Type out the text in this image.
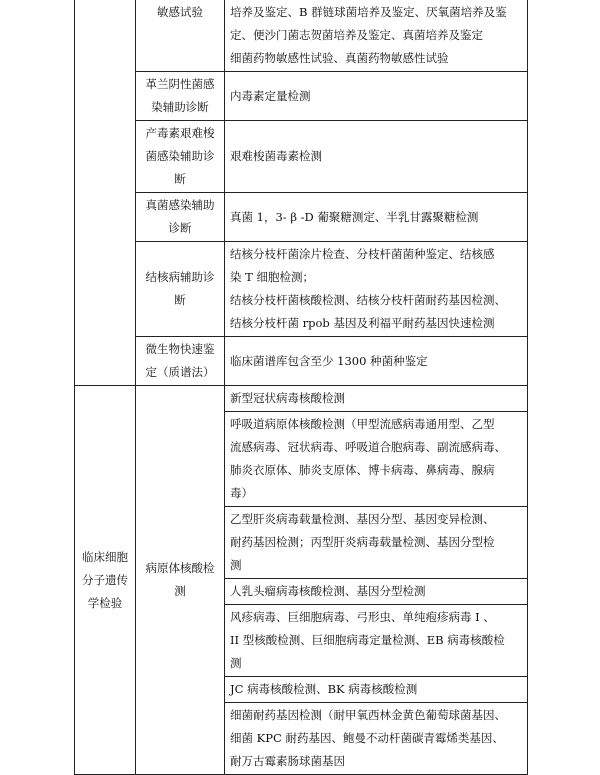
	敏感试验	培养及鉴定、B 群链球菌培养及鉴定、厌氧菌培养及鉴
定、便沙门菌志贺菌培养及鉴定、真菌培养及鉴定
细菌药物敏感性试验、真菌药物敏感性试验

	革兰阴性菌感染辅助诊断	内毒素定量检测

	产毒素艰难梭菌感染辅助诊断	艰难梭菌毒素检测

	真菌感染辅助诊断	真菌 1，3- β -D 葡聚糖测定、半乳甘露聚糖检测

	结核病辅助诊断	结核分枝杆菌涂片检查、分枝杆菌菌种鉴定、结核感
染 T 细胞检测；
结核分枝杆菌核酸检测、结核分枝杆菌耐药基因检测、
结核分枝杆菌 rpob 基因及利福平耐药基因快速检测

	微生物快速鉴定（质谱法）	临床菌谱库包含至少 1300 种菌种鉴定

临床细胞分子遗传学检验	病原体核酸检测	新型冠状病毒核酸检测

		呼吸道病原体核酸检测（甲型流感病毒通用型、乙型
流感病毒、冠状病毒、呼吸道合胞病毒、副流感病毒、
肺炎衣原体、肺炎支原体、博卡病毒、鼻病毒、腺病
毒）

		乙型肝炎病毒载量检测、基因分型、基因变异检测、
耐药基因检测；丙型肝炎病毒载量检测、基因分型检
测

		人乳头瘤病毒核酸检测、基因分型检测

		风疹病毒、巨细胞病毒、弓形虫、单纯疱疹病毒 I 、
II 型核酸检测、巨细胞病毒定量检测、EB 病毒核酸检
测

		JC 病毒核酸检测、BK 病毒核酸检测

		细菌耐药基因检测（耐甲氧西林金黄色葡萄球菌基因、
细菌 KPC 耐药基因、鲍曼不动杆菌碳青霉烯类基因、
耐万古霉素肠球菌基因
